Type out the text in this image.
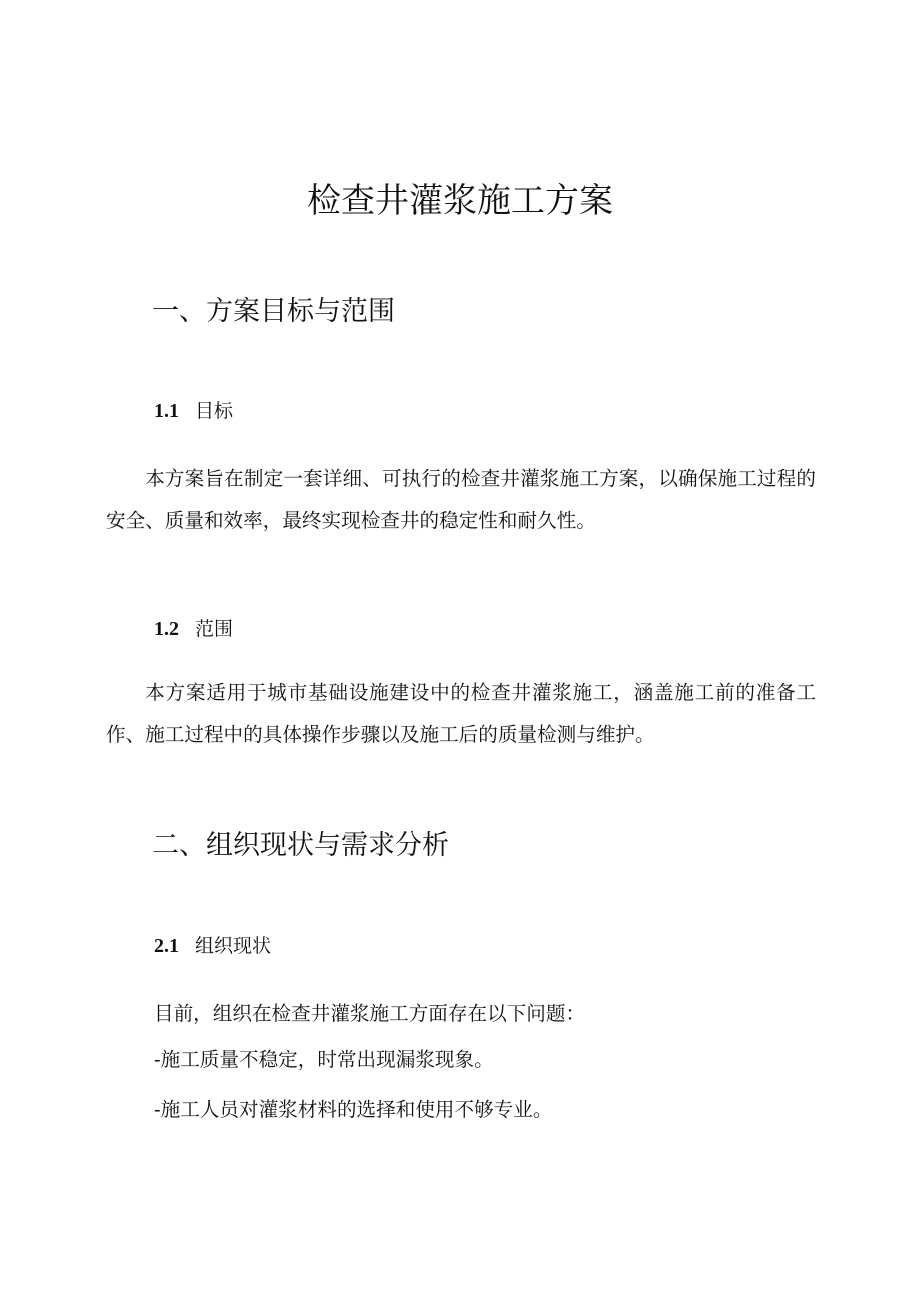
检查井灌浆施工方案
一、方案目标与范围
1.1 目标
本方案旨在制定一套详细、可执行的检查井灌浆施工方案，以确保施工过程的安全、质量和效率，最终实现检查井的稳定性和耐久性。
1.2 范围
本方案适用于城市基础设施建设中的检查井灌浆施工，涵盖施工前的准备工作、施工过程中的具体操作步骤以及施工后的质量检测与维护。
二、组织现状与需求分析
2.1 组织现状
目前，组织在检查井灌浆施工方面存在以下问题：
-施工质量不稳定，时常出现漏浆现象。
-施工人员对灌浆材料的选择和使用不够专业。
